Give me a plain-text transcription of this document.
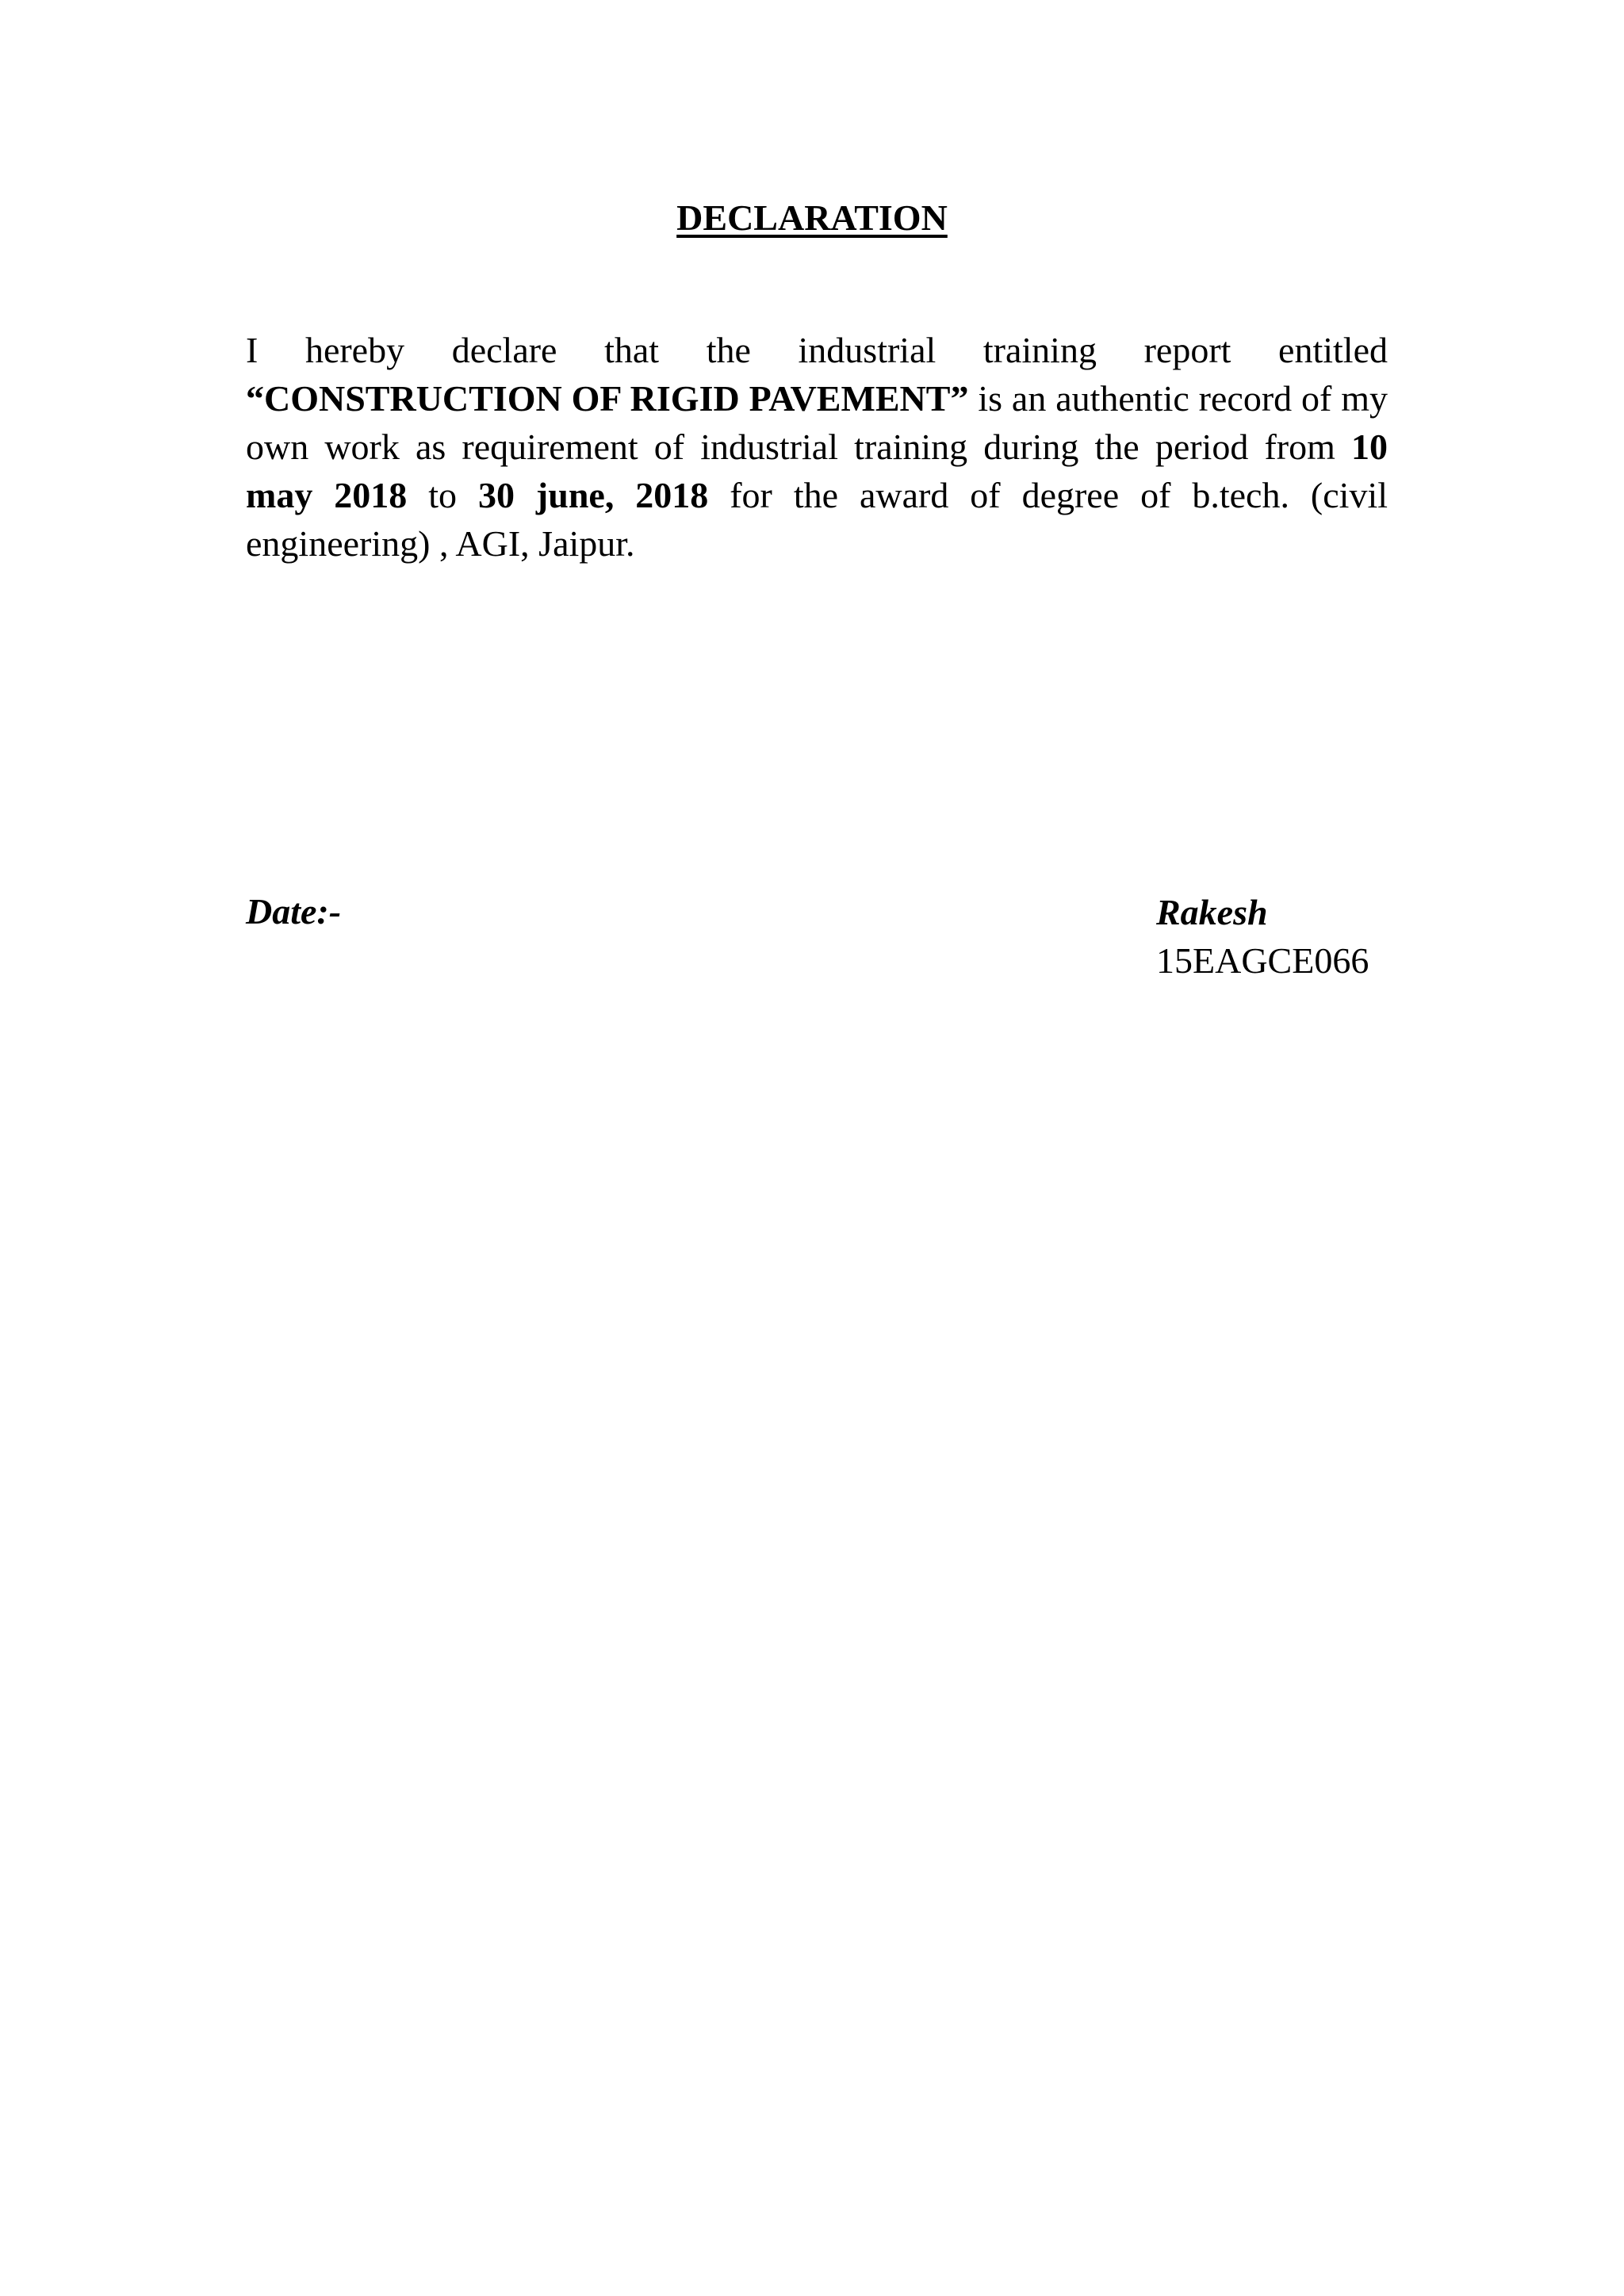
DECLARATION

I hereby declare that the industrial training report entitled “CONSTRUCTION OF RIGID PAVEMENT” is an authentic record of my own work as requirement of industrial training during the period from 10 may 2018 to 30 june, 2018 for the award of degree of b.tech. (civil engineering) , AGI, Jaipur.

Date:-	Rakesh
15EAGCE066
